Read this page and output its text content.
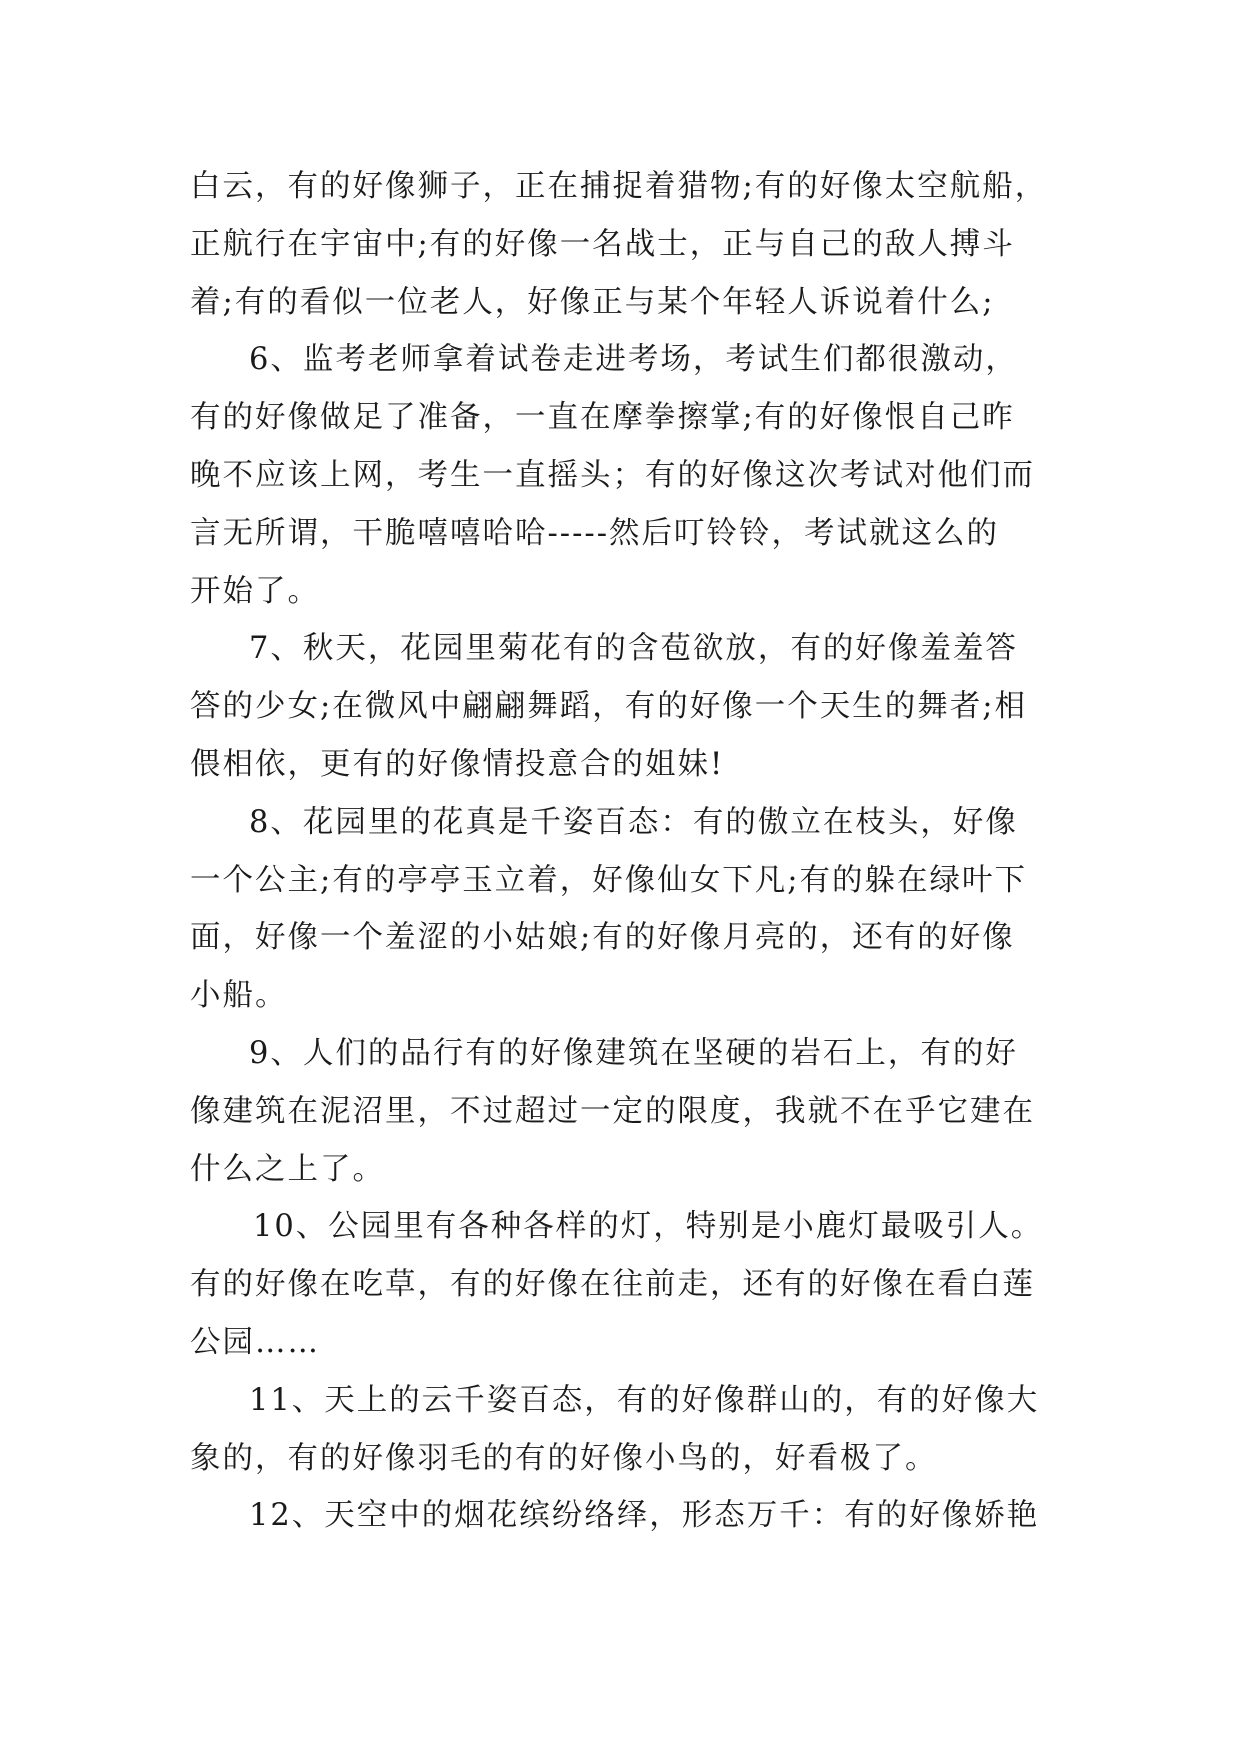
白云，有的好像狮子，正在捕捉着猎物;有的好像太空航船，
正航行在宇宙中;有的好像一名战士，正与自己的敌人搏斗
着;有的看似一位老人，好像正与某个年轻人诉说着什么;
6、监考老师拿着试卷走进考场，考试生们都很激动，
有的好像做足了准备，一直在摩拳擦掌;有的好像恨自己昨
晚不应该上网，考生一直摇头；有的好像这次考试对他们而
言无所谓，干脆嘻嘻哈哈-----然后叮铃铃，考试就这么的
开始了。
7、秋天，花园里菊花有的含苞欲放，有的好像羞羞答
答的少女;在微风中翩翩舞蹈，有的好像一个天生的舞者;相
偎相依，更有的好像情投意合的姐妹!
8、花园里的花真是千姿百态：有的傲立在枝头，好像
一个公主;有的亭亭玉立着，好像仙女下凡;有的躲在绿叶下
面，好像一个羞涩的小姑娘;有的好像月亮的，还有的好像
小船。
9、人们的品行有的好像建筑在坚硬的岩石上，有的好
像建筑在泥沼里，不过超过一定的限度，我就不在乎它建在
什么之上了。
10、公园里有各种各样的灯，特别是小鹿灯最吸引人。
有的好像在吃草，有的好像在往前走，还有的好像在看白莲
公园……
11、天上的云千姿百态，有的好像群山的，有的好像大
象的，有的好像羽毛的有的好像小鸟的，好看极了。
12、天空中的烟花缤纷络绎，形态万千：有的好像娇艳
